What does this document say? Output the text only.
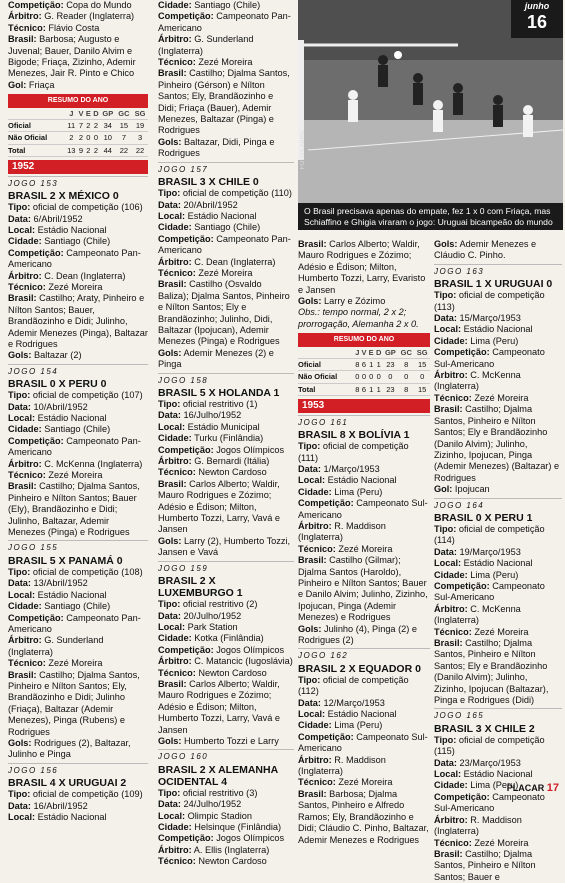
Competição: Copa do Mundo

Árbitro: G. Reader (Inglaterra)

Técnico: Flávio Costa

Brasil: Barbosa; Augusto e Juvenal; Bauer, Danilo Alvim e Bigode; Friaça, Zizinho, Ademir Menezes, Jair R. Pinto e Chico

Gol: Friaça

RESUMO DO ANO							
	J	V	E	D	GP	GC	SG
Oficial	11	7	2	2	34	15	19
Não Oficial	2	2	0	0	10	7	3
Total	13	9	2	2	44	22	22
1952
JOGO 153
BRASIL 2 X MÉXICO 0

Tipo: oficial de competição (106)

Data: 6/Abril/1952

Local: Estádio Nacional

Cidade: Santiago (Chile)

Competição: Campeonato Pan-Americano

Árbitro: C. Dean (Inglaterra)

Técnico: Zezé Moreira

Brasil: Castilho; Araty, Pinheiro e Nílton Santos; Bauer, Brandãozinho e Didi; Julinho, Ademir Menezes (Pinga), Baltazar e Rodrigues

Gols: Baltazar (2)

JOGO 154
BRASIL 0 X PERU 0

Tipo: oficial de competição (107)

Data: 10/Abril/1952

Local: Estádio Nacional

Cidade: Santiago (Chile)

Competição: Campeonato Pan-Americano

Árbitro: C. McKenna (Inglaterra)

Técnico: Zezé Moreira

Brasil: Castilho; Djalma Santos, Pinheiro e Nílton Santos; Bauer (Ely), Brandãozinho e Didi; Julinho, Baltazar, Ademir Menezes (Pinga) e Rodrigues

JOGO 155
BRASIL 5 X PANAMÁ 0

Tipo: oficial de competição (108)

Data: 13/Abril/1952

Local: Estádio Nacional

Cidade: Santiago (Chile)

Competição: Campeonato Pan-Americano

Árbitro: G. Sunderland (Inglaterra)

Técnico: Zezé Moreira

Brasil: Castilho; Djalma Santos, Pinheiro e Nílton Santos; Ely, Brandãozinho e Didi; Julinho (Friaça), Baltazar (Ademir Menezes), Pinga (Rubens) e Rodrigues

Gols: Rodrigues (2), Baltazar, Julinho e Pinga

JOGO 156
BRASIL 4 X URUGUAI 2

Tipo: oficial de competição (109)

Data: 16/Abril/1952

Local: Estádio Nacional

Cidade: Santiago (Chile)

Competição: Campeonato Pan-Americano

Árbitro: G. Sunderland (Inglaterra)

Técnico: Zezé Moreira

Brasil: Castilho; Djalma Santos, Pinheiro (Gérson) e Nílton Santos; Ely, Brandãozinho e Didi; Friaça (Bauer), Ademir Menezes, Baltazar (Pinga) e Rodrigues

Gols: Baltazar, Didi, Pinga e Rodrigues

JOGO 157
BRASIL 3 X CHILE 0

Tipo: oficial de competição (110)

Data: 20/Abril/1952

Local: Estádio Nacional

Cidade: Santiago (Chile)

Competição: Campeonato Pan-Americano

Árbitro: C. Dean (Inglaterra)

Técnico: Zezé Moreira

Brasil: Castilho (Osvaldo Baliza); Djalma Santos, Pinheiro e Nílton Santos; Ely e Brandãozinho; Julinho, Didi, Baltazar (Ipojucan), Ademir Menezes (Pinga) e Rodrigues

Gols: Ademir Menezes (2) e Pinga

JOGO 158
BRASIL 5 X HOLANDA 1

Tipo: oficial restritivo (1)

Data: 16/Julho/1952

Local: Estádio Municipal

Cidade: Turku (Finlândia)

Competição: Jogos Olímpicos

Árbitro: G. Bernardi (Itália)

Técnico: Newton Cardoso

Brasil: Carlos Alberto; Waldir, Mauro Rodrigues e Zózimo; Adésio e Édison; Milton, Humberto Tozzi, Larry, Vavá e Jansen

Gols: Larry (2), Humberto Tozzi, Jansen e Vavá

JOGO 159
BRASIL 2 X LUXEMBURGO 1

Tipo: oficial restritivo (2)

Data: 20/Julho/1952

Local: Park Station

Cidade: Kotka (Finlândia)

Competição: Jogos Olímpicos

Árbitro: C. Matancic (Iugoslávia)

Técnico: Newton Cardoso

Brasil: Carlos Alberto; Waldir, Mauro Rodrigues e Zózimo; Adésio e Édison; Milton, Humberto Tozzi, Larry, Vavá e Jansen

Gols: Humberto Tozzi e Larry

JOGO 160
BRASIL 2 X ALEMANHA OCIDENTAL 4

Tipo: oficial restritivo (3)

Data: 24/Julho/1952

Local: Olimpic Stadion

Cidade: Helsinque (Finlândia)

Competição: Jogos Olímpicos

Árbitro: A. Ellis (Inglaterra)

Técnico: Newton Cardoso

FOTOS ABRIL
junho
16
O Brasil precisava apenas do empate, fez 1 x 0 com Friaça, mas Schiaffino e Ghigia viraram o jogo: Uruguai bicampeão do mundo

Brasil: Carlos Alberto; Waldir, Mauro Rodrigues e Zózimo; Adésio e Édison; Milton, Humberto Tozzi, Larry, Evaristo e Jansen

Gols: Larry e Zózimo

Obs.: tempo normal, 2 x 2; prorrogação, Alemanha 2 x 0.

RESUMO DO ANO							
	J	V	E	D	GP	GC	SG
Oficial	8	6	1	1	23	8	15
Não Oficial	0	0	0	0	0	0	0
Total	8	6	1	1	23	8	15
1953
JOGO 161
BRASIL 8 X BOLÍVIA 1

Tipo: oficial de competição (111)

Data: 1/Março/1953

Local: Estádio Nacional

Cidade: Lima (Peru)

Competição: Campeonato Sul-Americano

Árbitro: R. Maddison (Inglaterra)

Técnico: Zezé Moreira

Brasil: Castilho (Gilmar); Djalma Santos (Haroldo), Pinheiro e Nílton Santos; Bauer e Danilo Alvim; Julinho, Zizinho, Ipojucan, Pinga (Ademir Menezes) e Rodrigues

Gols: Julinho (4), Pinga (2) e Rodrigues (2)

JOGO 162
BRASIL 2 X EQUADOR 0

Tipo: oficial de competição (112)

Data: 12/Março/1953

Local: Estádio Nacional

Cidade: Lima (Peru)

Competição: Campeonato Sul-Americano

Árbitro: R. Maddison (Inglaterra)

Técnico: Zezé Moreira

Brasil: Barbosa; Djalma Santos, Pinheiro e Alfredo Ramos; Ely, Brandãozinho e Didi; Cláudio C. Pinho, Baltazar, Ademir Menezes e Rodrigues

Gols: Ademir Menezes e Cláudio C. Pinho.

JOGO 163
BRASIL 1 X URUGUAI 0

Tipo: oficial de competição (113)

Data: 15/Março/1953

Local: Estádio Nacional

Cidade: Lima (Peru)

Competição: Campeonato Sul-Americano

Árbitro: C. McKenna (Inglaterra)

Técnico: Zezé Moreira

Brasil: Castilho; Djalma Santos, Pinheiro e Nílton Santos; Ely e Brandãozinho (Danilo Alvim); Julinho, Zizinho, Ipojucan, Pinga (Ademir Menezes) (Baltazar) e Rodrigues

Gol: Ipojucan

JOGO 164
BRASIL 0 X PERU 1

Tipo: oficial de competição (114)

Data: 19/Março/1953

Local: Estádio Nacional

Cidade: Lima (Peru)

Competição: Campeonato Sul-Americano

Árbitro: C. McKenna (Inglaterra)

Técnico: Zezé Moreira

Brasil: Castilho; Djalma Santos, Pinheiro e Nílton Santos; Ely e Brandãozinho (Danilo Alvim); Julinho, Zizinho, Ipojucan (Baltazar), Pinga e Rodrigues (Didi)

JOGO 165
BRASIL 3 X CHILE 2

Tipo: oficial de competição (115)

Data: 23/Março/1953

Local: Estádio Nacional

Cidade: Lima (Peru)

Competição: Campeonato Sul-Americano

Árbitro: R. Maddison (Inglaterra)

Técnico: Zezé Moreira

Brasil: Castilho; Djalma Santos, Pinheiro e Nílton Santos; Bauer e

PLACAR 17
